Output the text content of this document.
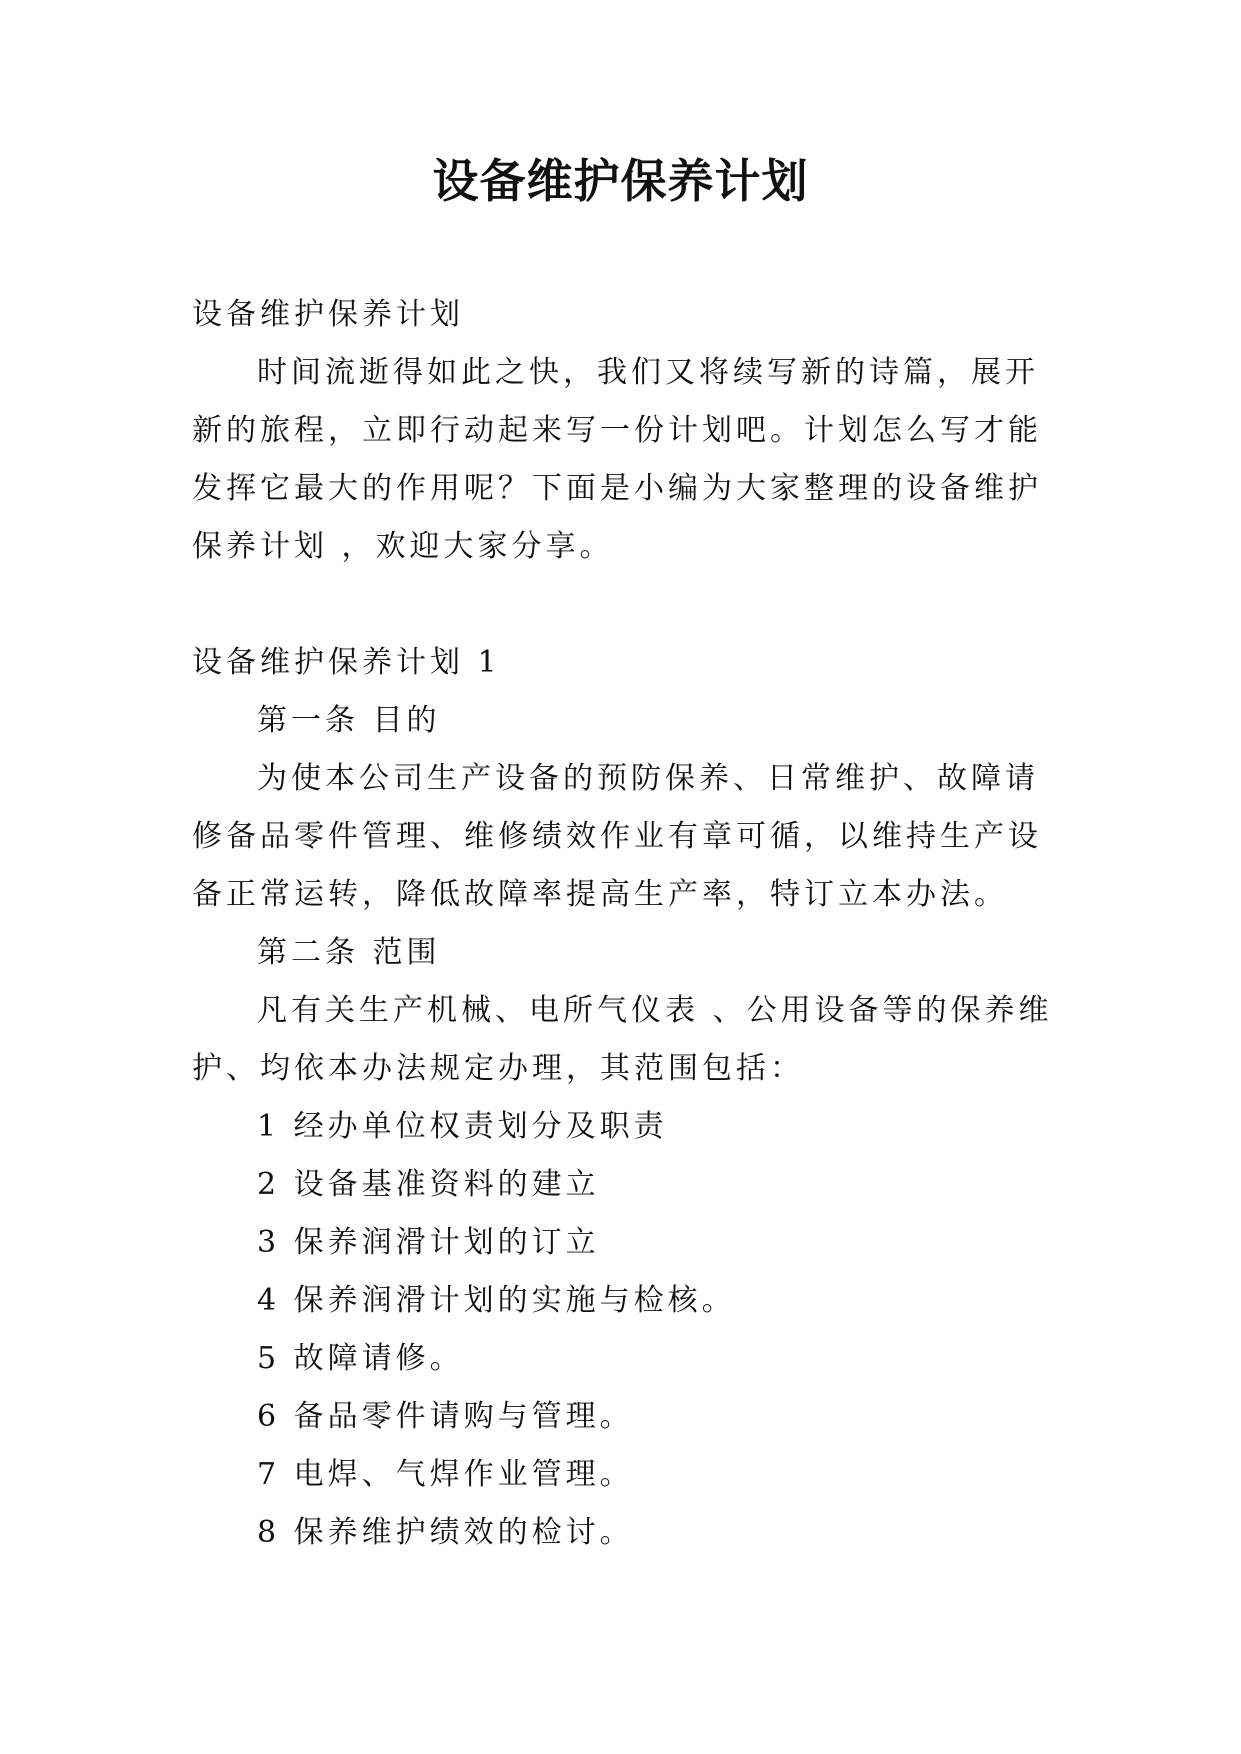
设备维护保养计划

设备维护保养计划

时间流逝得如此之快，我们又将续写新的诗篇，展开新的旅程，立即行动起来写一份计划吧。计划怎么写才能发挥它最大的作用呢？下面是小编为大家整理的设备维护保养计划 ，欢迎大家分享。

设备维护保养计划 1

第一条 目的

为使本公司生产设备的预防保养、日常维护、故障请修备品零件管理、维修绩效作业有章可循，以维持生产设备正常运转，降低故障率提高生产率，特订立本办法。

第二条 范围

凡有关生产机械、电所气仪表 、公用设备等的保养维护、均依本办法规定办理，其范围包括：

1 经办单位权责划分及职责

2 设备基准资料的建立

3 保养润滑计划的订立

4 保养润滑计划的实施与检核。

5 故障请修。

6 备品零件请购与管理。

7 电焊、气焊作业管理。

8 保养维护绩效的检讨。
